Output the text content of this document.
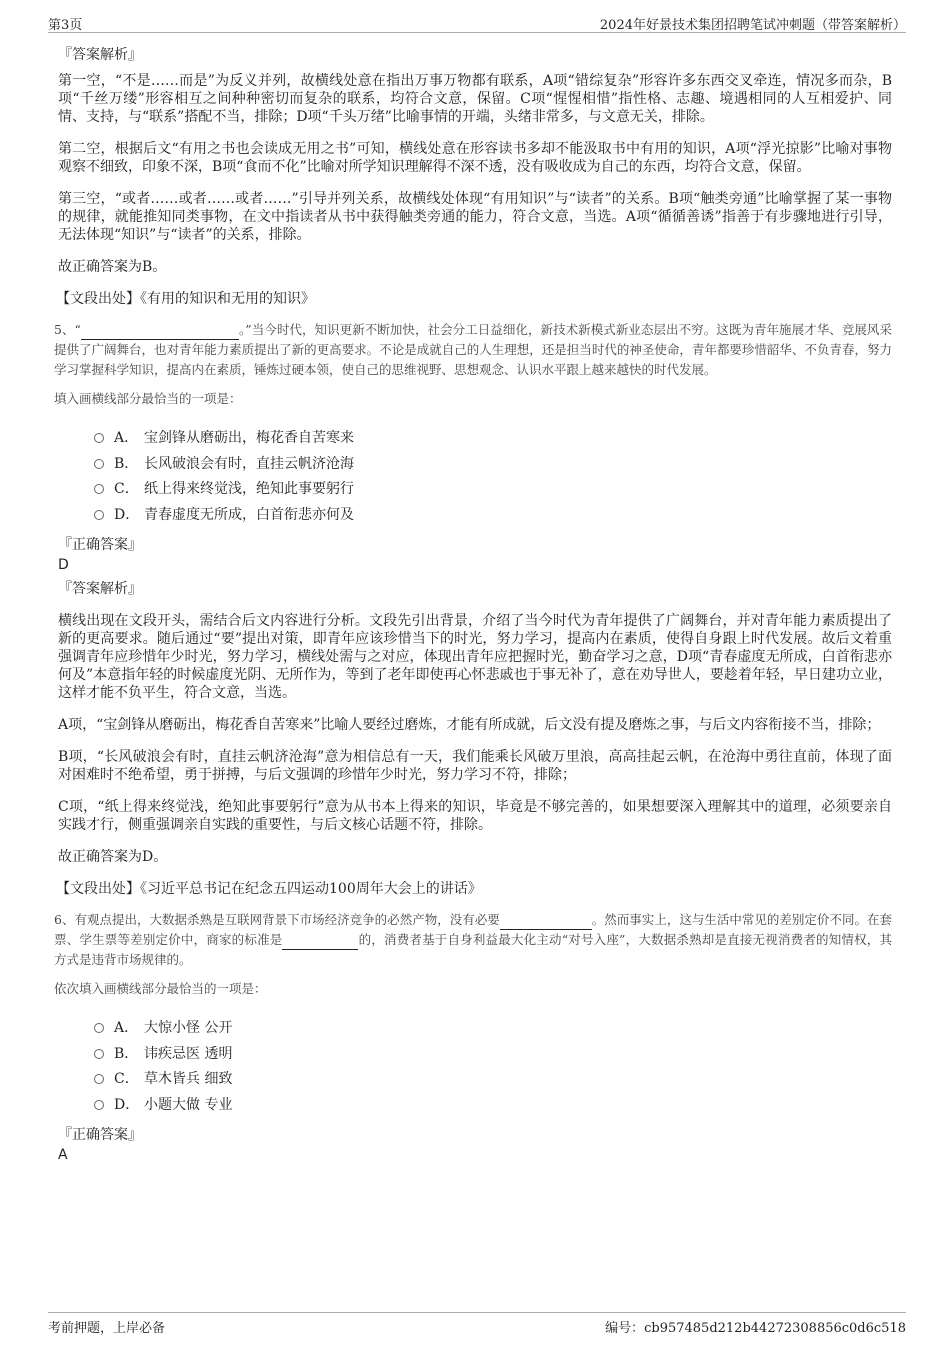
第3页	2024年好景技术集团招聘笔试冲刺题（带答案解析）
『答案解析』

第一空，“不是……而是”为反义并列，故横线处意在指出万事万物都有联系，A项“错综复杂”形容许多东西交叉牵连，情况多而杂，B项“千丝万缕”形容相互之间种种密切而复杂的联系，均符合文意，保留。C项“惺惺相惜”指性格、志趣、境遇相同的人互相爱护、同情、支持，与“联系”搭配不当，排除；D项“千头万绪”比喻事情的开端，头绪非常多，与文意无关，排除。

第二空，根据后文“有用之书也会读成无用之书”可知，横线处意在形容读书多却不能汲取书中有用的知识，A项“浮光掠影”比喻对事物观察不细致，印象不深，B项“食而不化”比喻对所学知识理解得不深不透，没有吸收成为自己的东西，均符合文意，保留。

第三空，“或者……或者……或者……”引导并列关系，故横线处体现“有用知识”与“读者”的关系。B项“触类旁通”比喻掌握了某一事物的规律，就能推知同类事物，在文中指读者从书中获得触类旁通的能力，符合文意，当选。A项“循循善诱”指善于有步骤地进行引导，无法体现“知识”与“读者”的关系，排除。

故正确答案为B。

【文段出处】《有用的知识和无用的知识》
5、“	。”当今时代，知识更新不断加快，社会分工日益细化，新技术新模式新业态层出不穷。这既为青年施展才华、竞展风采提供了广阔舞台，也对青年能力素质提出了新的更高要求。不论是成就自己的人生理想，还是担当时代的神圣使命，青年都要珍惜韶华、不负青春，努力学习掌握科学知识，提高内在素质，锤炼过硬本领，使自己的思维视野、思想观念、认识水平跟上越来越快的时代发展。
填入画横线部分最恰当的一项是：
A． 宝剑锋从磨砺出，梅花香自苦寒来
B． 长风破浪会有时，直挂云帆济沧海
C． 纸上得来终觉浅，绝知此事要躬行
D． 青春虚度无所成，白首衔悲亦何及
『正确答案』
D
『答案解析』

横线出现在文段开头，需结合后文内容进行分析。文段先引出背景，介绍了当今时代为青年提供了广阔舞台，并对青年能力素质提出了新的更高要求。随后通过“要”提出对策，即青年应该珍惜当下的时光，努力学习，提高内在素质，使得自身跟上时代发展。故后文着重强调青年应珍惜年少时光，努力学习，横线处需与之对应，体现出青年应把握时光，勤奋学习之意，D项“青春虚度无所成，白首衔悲亦何及”本意指年轻的时候虚度光阴、无所作为，等到了老年即使再心怀悲戚也于事无补了，意在劝导世人，要趁着年轻，早日建功立业，这样才能不负平生，符合文意，当选。

A项，“宝剑锋从磨砺出，梅花香自苦寒来”比喻人要经过磨炼，才能有所成就，后文没有提及磨炼之事，与后文内容衔接不当，排除；

B项，“长风破浪会有时，直挂云帆济沧海”意为相信总有一天，我们能乘长风破万里浪，高高挂起云帆，在沧海中勇往直前，体现了面对困难时不绝希望，勇于拼搏，与后文强调的珍惜年少时光，努力学习不符，排除；

C项，“纸上得来终觉浅，绝知此事要躬行”意为从书本上得来的知识，毕竟是不够完善的，如果想要深入理解其中的道理，必须要亲自实践才行，侧重强调亲自实践的重要性，与后文核心话题不符，排除。

故正确答案为D。

【文段出处】《习近平总书记在纪念五四运动100周年大会上的讲话》
6、有观点提出，大数据杀熟是互联网背景下市场经济竞争的必然产物，没有必要	。然而事实上，这与生活中常见的差别定价不同。在套票、学生票等差别定价中，商家的标准是	的，消费者基于自身利益最大化主动“对号入座”，大数据杀熟却是直接无视消费者的知情权，其方式是违背市场规律的。
依次填入画横线部分最恰当的一项是：
A． 大惊小怪 公开
B． 讳疾忌医 透明
C． 草木皆兵 细致
D． 小题大做 专业
『正确答案』
A
考前押题，上岸必备	编号：cb957485d212b44272308856c0d6c518
